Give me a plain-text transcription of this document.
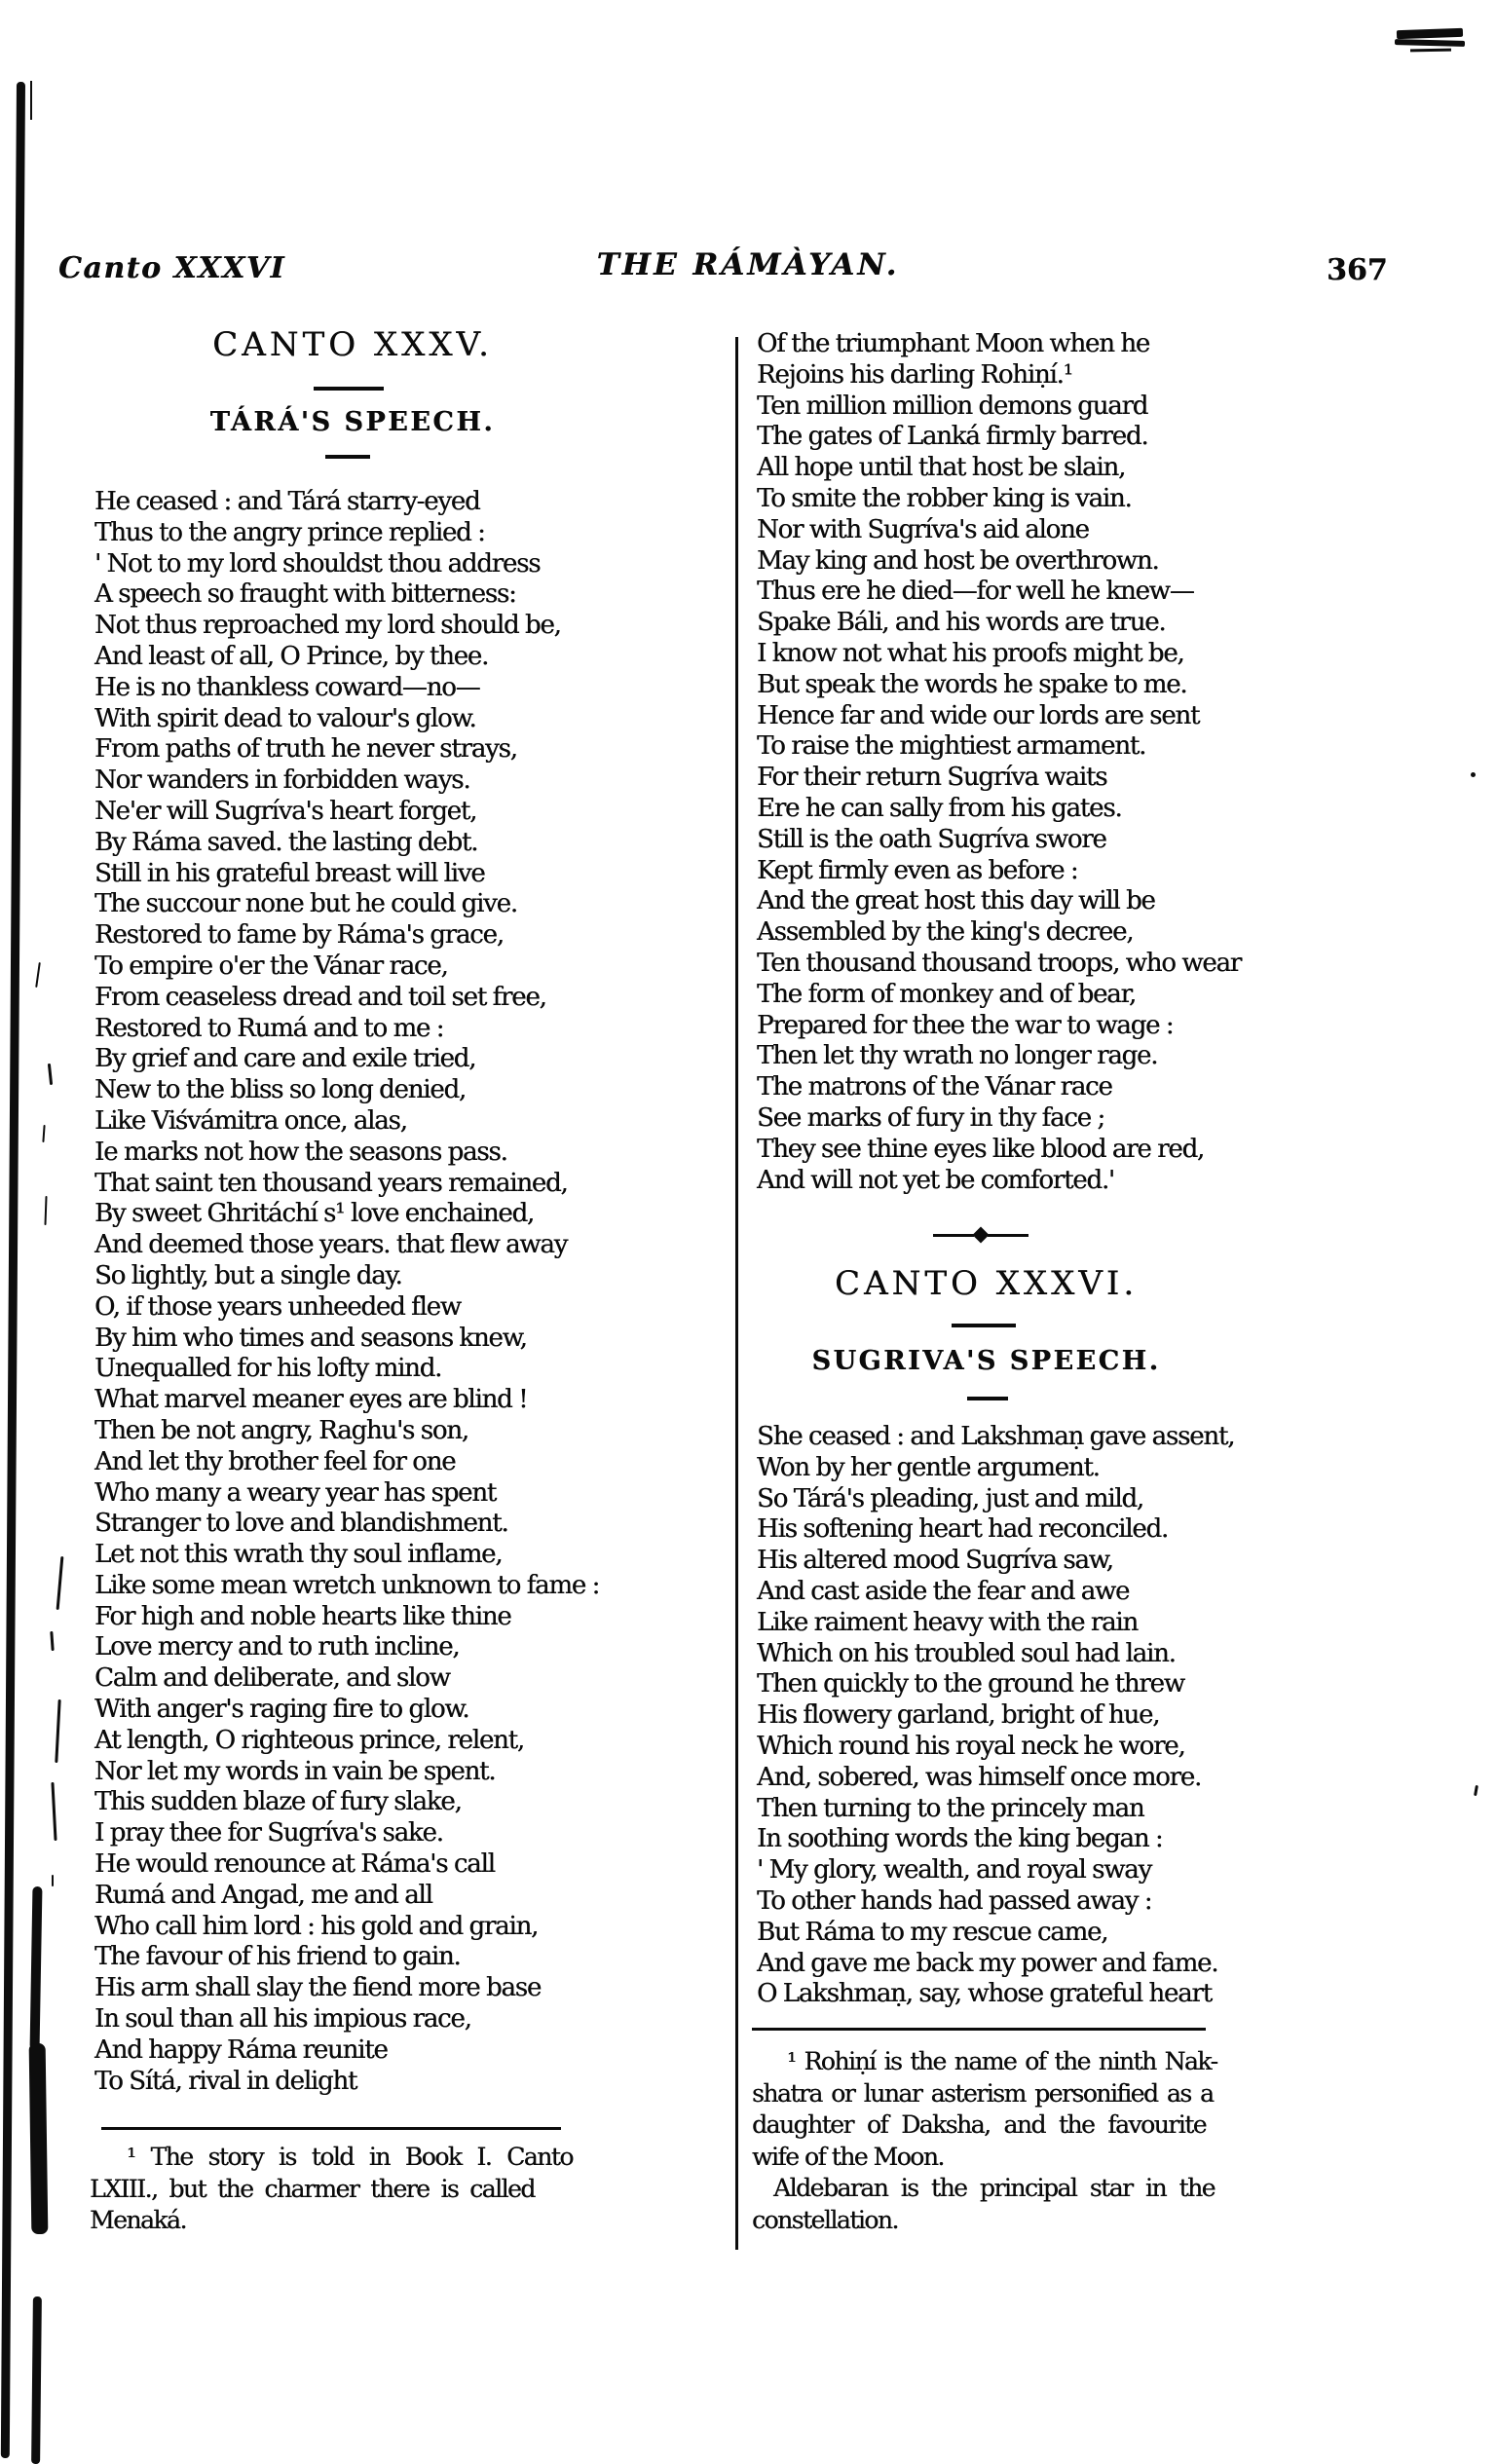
Canto XXXVI	THE RÁMÀYAN.	367
CANTO XXXV.
TÁRÁ'S SPEECH.
He ceased : and Tárá starry-eyed
Thus to the angry prince replied :
' Not to my lord shouldst thou address
A speech so fraught with bitterness:
Not thus reproached my lord should be,
And least of all, O Prince, by thee.
He is no thankless coward—no—
With spirit dead to valour's glow.
From paths of truth he never strays,
Nor wanders in forbidden ways.
Ne'er will Sugríva's heart forget,
By Ráma saved. the lasting debt.
Still in his grateful breast will live
The succour none but he could give.
Restored to fame by Ráma's grace,
To empire o'er the Vánar race,
From ceaseless dread and toil set free,
Restored to Rumá and to me :
By grief and care and exile tried,
New to the bliss so long denied,
Like Viśvámitra once, alas,
Ie marks not how the seasons pass.
That saint ten thousand years remained,
By sweet Ghritáchí s¹ love enchained,
And deemed those years. that flew away
So lightly, but a single day.
O, if those years unheeded flew
By him who times and seasons knew,
Unequalled for his lofty mind.
What marvel meaner eyes are blind !
Then be not angry, Raghu's son,
And let thy brother feel for one
Who many a weary year has spent
Stranger to love and blandishment.
Let not this wrath thy soul inflame,
Like some mean wretch unknown to fame :
For high and noble hearts like thine
Love mercy and to ruth incline,
Calm and deliberate, and slow
With anger's raging fire to glow.
At length, O righteous prince, relent,
Nor let my words in vain be spent.
This sudden blaze of fury slake,
I pray thee for Sugríva's sake.
He would renounce at Ráma's call
Rumá and Angad, me and all
Who call him lord : his gold and grain,
The favour of his friend to gain.
His arm shall slay the fiend more base
In soul than all his impious race,
And happy Ráma reunite
To Sítá, rival in delight
¹ The story is told in Book I. Canto
LXIII., but the charmer there is called
Menaká.
Of the triumphant Moon when he
Rejoins his darling Rohiṇí.¹
Ten million million demons guard
The gates of Lanká firmly barred.
All hope until that host be slain,
To smite the robber king is vain.
Nor with Sugríva's aid alone
May king and host be overthrown.
Thus ere he died—for well he knew—
Spake Báli, and his words are true.
I know not what his proofs might be,
But speak the words he spake to me.
Hence far and wide our lords are sent
To raise the mightiest armament.
For their return Sugríva waits
Ere he can sally from his gates.
Still is the oath Sugríva swore
Kept firmly even as before :
And the great host this day will be
Assembled by the king's decree,
Ten thousand thousand troops, who wear
The form of monkey and of bear,
Prepared for thee the war to wage :
Then let thy wrath no longer rage.
The matrons of the Vánar race
See marks of fury in thy face ;
They see thine eyes like blood are red,
And will not yet be comforted.'
CANTO XXXVI.
SUGRIVA'S SPEECH.
She ceased : and Lakshmaṇ gave assent,
Won by her gentle argument.
So Tárá's pleading, just and mild,
His softening heart had reconciled.
His altered mood Sugríva saw,
And cast aside the fear and awe
Like raiment heavy with the rain
Which on his troubled soul had lain.
Then quickly to the ground he threw
His flowery garland, bright of hue,
Which round his royal neck he wore,
And, sobered, was himself once more.
Then turning to the princely man
In soothing words the king began :
' My glory, wealth, and royal sway
To other hands had passed away :
But Ráma to my rescue came,
And gave me back my power and fame.
O Lakshmaṇ, say, whose grateful heart
¹ Rohiṇí is the name of the ninth Nak-
shatra or lunar asterism personified as a
daughter of Daksha, and the favourite
wife of the Moon.
Aldebaran is the principal star in the
constellation.
